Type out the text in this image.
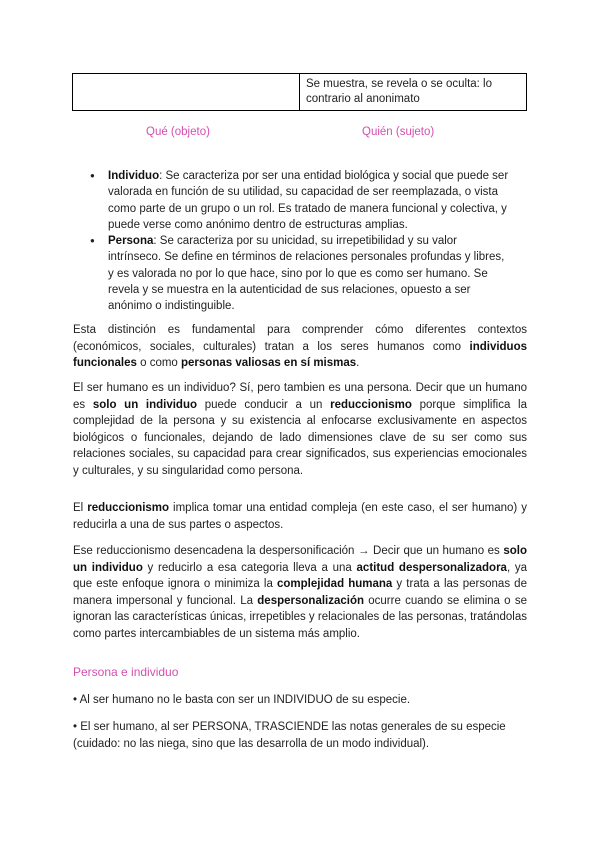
	Se muestra, se revela o se oculta: lo contrario al anonimato
Qué (objeto)	Quién (sujeto)
● Individuo: Se caracteriza por ser una entidad biológica y social que puede ser valorada en función de su utilidad, su capacidad de ser reemplazada, o vista como parte de un grupo o un rol. Es tratado de manera funcional y colectiva, y puede verse como anónimo dentro de estructuras amplias.
● Persona: Se caracteriza por su unicidad, su irrepetibilidad y su valor intrínseco. Se define en términos de relaciones personales profundas y libres, y es valorada no por lo que hace, sino por lo que es como ser humano. Se revela y se muestra en la autenticidad de sus relaciones, opuesto a ser anónimo o indistinguible.

Esta distinción es fundamental para comprender cómo diferentes contextos (económicos, sociales, culturales) tratan a los seres humanos como individuos funcionales o como personas valiosas en sí mismas.

El ser humano es un individuo? Sí, pero tambien es una persona. Decir que un humano es solo un individuo puede conducir a un reduccionismo porque simplifica la complejidad de la persona y su existencia al enfocarse exclusivamente en aspectos biológicos o funcionales, dejando de lado dimensiones clave de su ser como sus relaciones sociales, su capacidad para crear significados, sus experiencias emocionales y culturales, y su singularidad como persona.

El reduccionismo implica tomar una entidad compleja (en este caso, el ser humano) y reducirla a una de sus partes o aspectos.

Ese reduccionismo desencadena la despersonificación → Decir que un humano es solo un individuo y reducirlo a esa categoria lleva a una actitud despersonalizadora, ya que este enfoque ignora o minimiza la complejidad humana y trata a las personas de manera impersonal y funcional. La despersonalización ocurre cuando se elimina o se ignoran las características únicas, irrepetibles y relacionales de las personas, tratándolas como partes intercambiables de un sistema más amplio.

Persona e individuo

• Al ser humano no le basta con ser un INDIVIDUO de su especie.

• El ser humano, al ser PERSONA, TRASCIENDE las notas generales de su especie (cuidado: no las niega, sino que las desarrolla de un modo individual).
